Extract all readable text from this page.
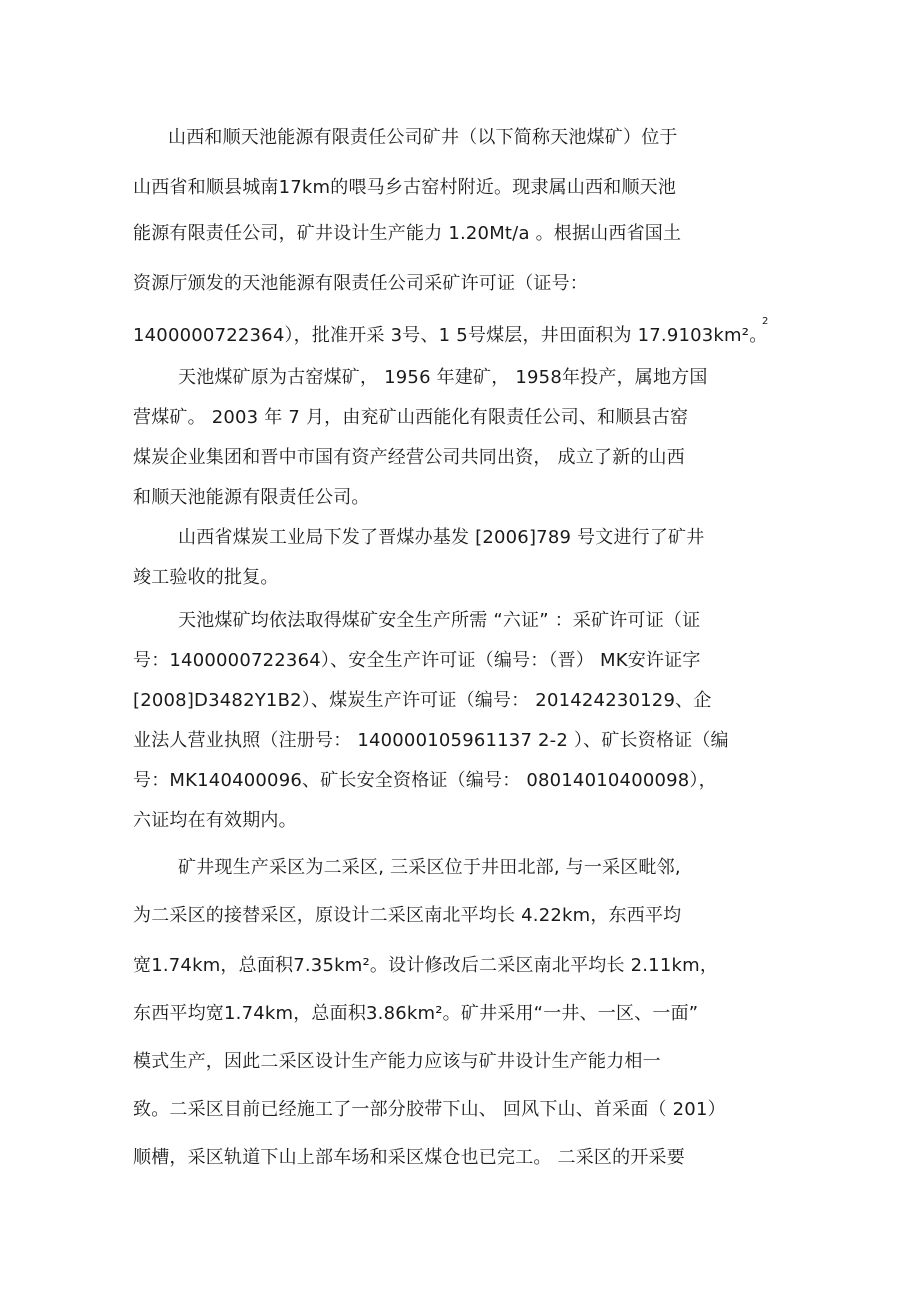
山西和顺天池能源有限责任公司矿井（以下简称天池煤矿）位于
山西省和顺县城南17km的喂马乡古窑村附近。现隶属山西和顺天池
能源有限责任公司，矿井设计生产能力 1.20Mt/a 。根据山西省国土
资源厅颁发的天池能源有限责任公司采矿许可证（证号：
1400000722364），批准开采 3号、1 5号煤层，井田面积为 17.9103km²。
2
天池煤矿原为古窑煤矿， 1956 年建矿， 1958年投产，属地方国
营煤矿。 2003 年 7 月，由兖矿山西能化有限责任公司、和顺县古窑
煤炭企业集团和晋中市国有资产经营公司共同出资， 成立了新的山西
和顺天池能源有限责任公司。
山西省煤炭工业局下发了晋煤办基发 [2006]789 号文进行了矿井
竣工验收的批复。
天池煤矿均依法取得煤矿安全生产所需 “六证” ：采矿许可证（证
号：1400000722364）、安全生产许可证（编号：（晋） MK安许证字
[2008]D3482Y1B2）、煤炭生产许可证（编号： 201424230129、企
业法人营业执照（注册号： 140000105961137 2-2 ）、矿长资格证（编
号：MK140400096、矿长安全资格证（编号： 08014010400098），
六证均在有效期内。
矿井现生产采区为二采区, 三采区位于井田北部, 与一采区毗邻,
为二采区的接替采区，原设计二采区南北平均长 4.22km，东西平均
宽1.74km，总面积7.35km²。设计修改后二采区南北平均长 2.11km，
东西平均宽1.74km，总面积3.86km²。矿井采用“一井、一区、一面”
模式生产，因此二采区设计生产能力应该与矿井设计生产能力相一
致。二采区目前已经施工了一部分胶带下山、 回风下山、首采面（ 201）
顺槽，采区轨道下山上部车场和采区煤仓也已完工。 二采区的开采要
